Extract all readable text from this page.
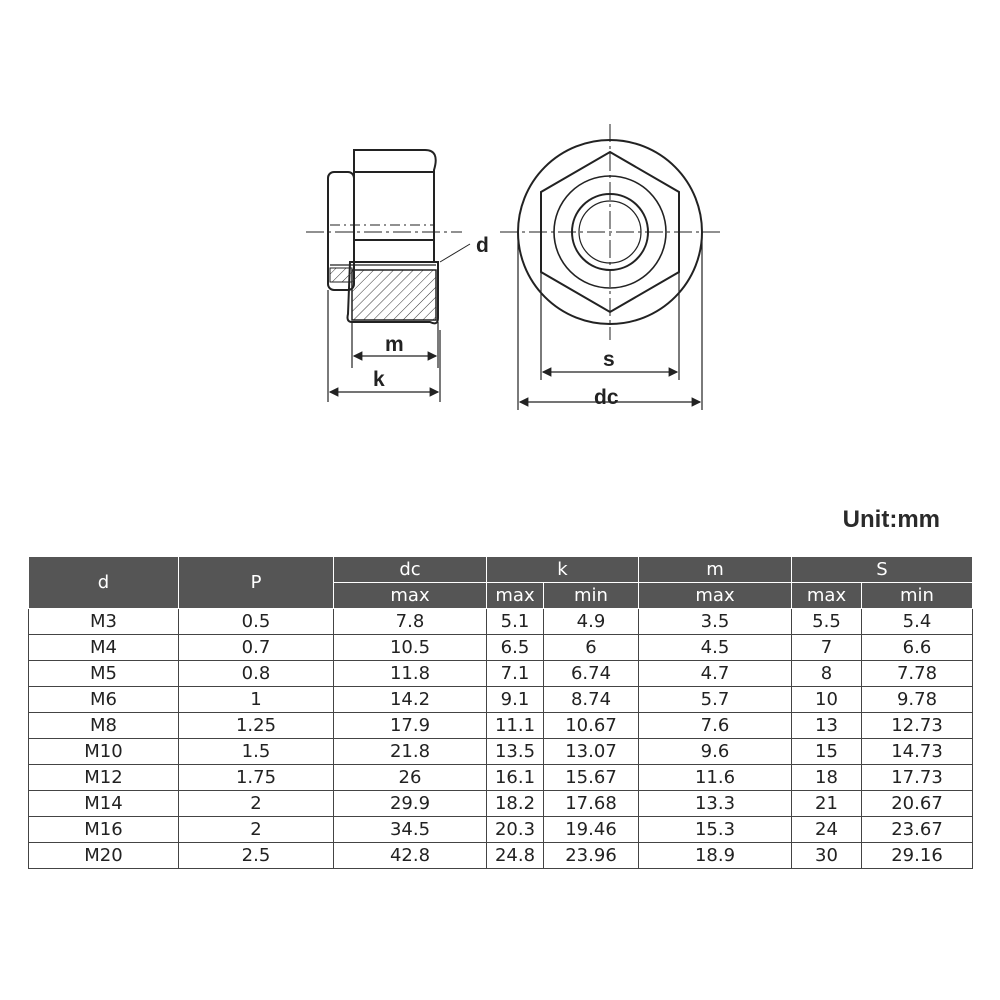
d
m
k
s
dc
Unit:mm
d	P	dc	k		m	S	
		max	max	min	max	max	min
M3	0.5	7.8	5.1	4.9	3.5	5.5	5.4
M4	0.7	10.5	6.5	6	4.5	7	6.6
M5	0.8	11.8	7.1	6.74	4.7	8	7.78
M6	1	14.2	9.1	8.74	5.7	10	9.78
M8	1.25	17.9	11.1	10.67	7.6	13	12.73
M10	1.5	21.8	13.5	13.07	9.6	15	14.73
M12	1.75	26	16.1	15.67	11.6	18	17.73
M14	2	29.9	18.2	17.68	13.3	21	20.67
M16	2	34.5	20.3	19.46	15.3	24	23.67
M20	2.5	42.8	24.8	23.96	18.9	30	29.16
